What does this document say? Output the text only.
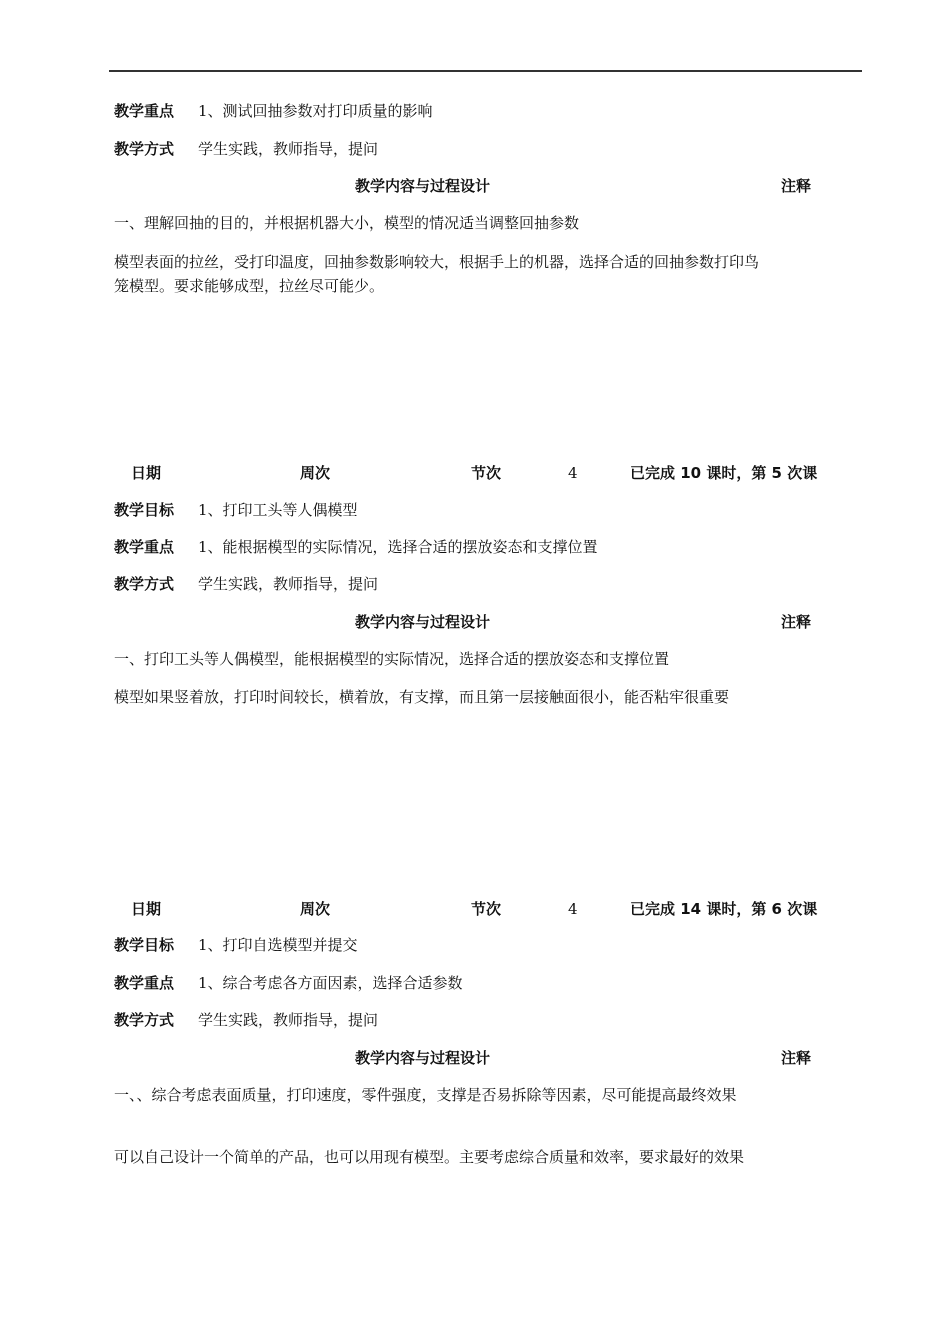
教学重点 1、测试回抽参数对打印质量的影响
教学方式 学生实践，教师指导，提问
教学内容与过程设计	注释
一、理解回抽的目的，并根据机器大小，模型的情况适当调整回抽参数
模型表面的拉丝，受打印温度，回抽参数影响较大，根据手上的机器，选择合适的回抽参数打印鸟笼模型。要求能够成型，拉丝尽可能少。
日期	周次	节次	4	已完成 10 课时，第 5 次课
教学目标 1、打印工头等人偶模型
教学重点 1、能根据模型的实际情况，选择合适的摆放姿态和支撑位置
教学方式 学生实践，教师指导，提问
教学内容与过程设计	注释
一、打印工头等人偶模型，能根据模型的实际情况，选择合适的摆放姿态和支撑位置
模型如果竖着放，打印时间较长，横着放，有支撑，而且第一层接触面很小，能否粘牢很重要
日期	周次	节次	4	已完成 14 课时，第 6 次课
教学目标 1、打印自选模型并提交
教学重点 1、综合考虑各方面因素，选择合适参数
教学方式 学生实践，教师指导，提问
教学内容与过程设计	注释
一、、综合考虑表面质量，打印速度，零件强度，支撑是否易拆除等因素，尽可能提高最终效果
可以自己设计一个简单的产品，也可以用现有模型。主要考虑综合质量和效率，要求最好的效果
